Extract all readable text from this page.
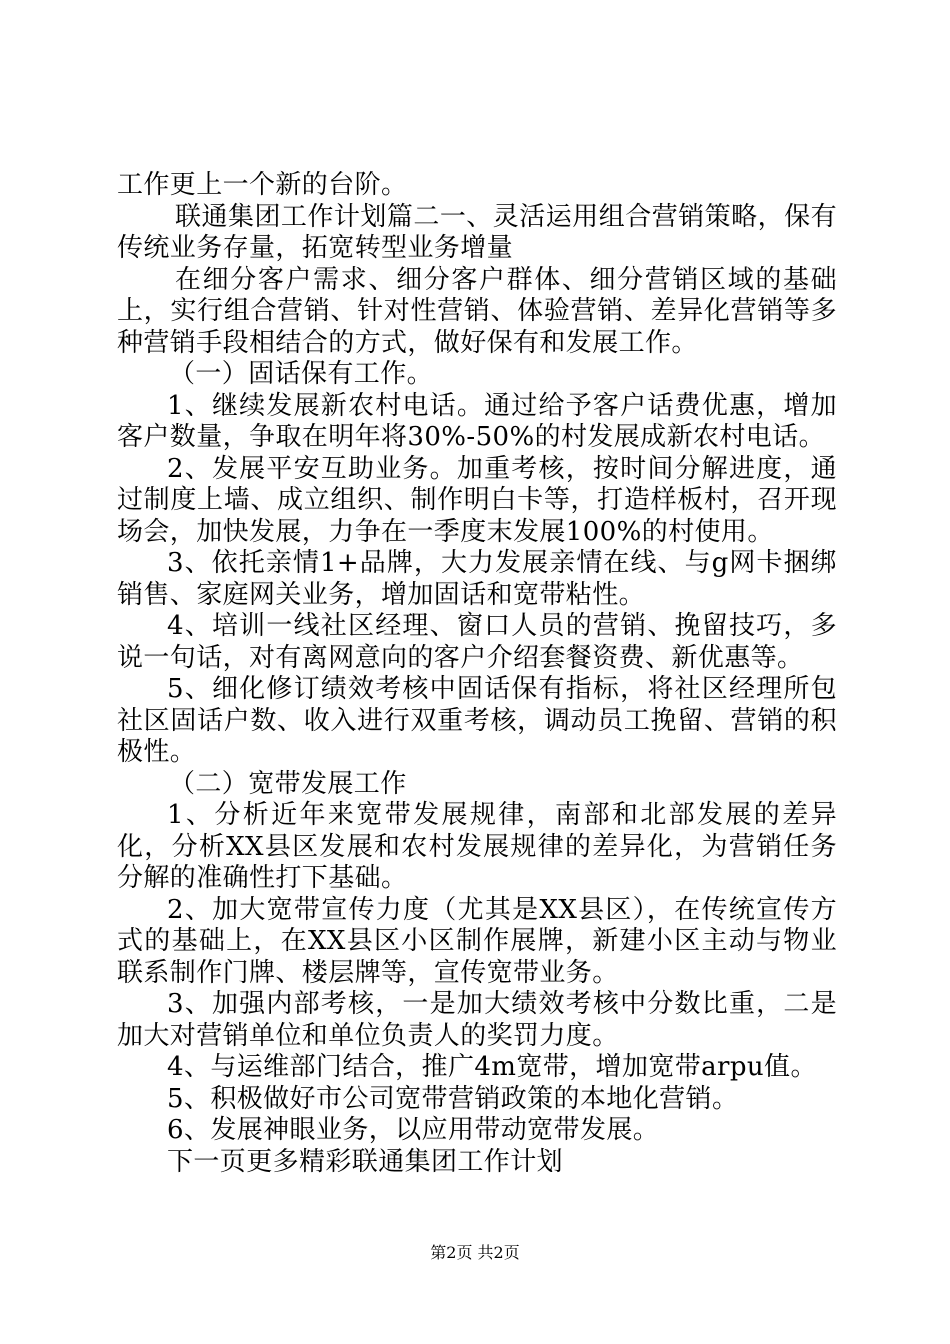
工作更上一个新的台阶。

联通集团工作计划篇二一、灵活运用组合营销策略，保有传统业务存量，拓宽转型业务增量

在细分客户需求、细分客户群体、细分营销区域的基础上，实行组合营销、针对性营销、体验营销、差异化营销等多种营销手段相结合的方式，做好保有和发展工作。

（一）固话保有工作。

1、继续发展新农村电话。通过给予客户话费优惠，增加客户数量，争取在明年将30%-50%的村发展成新农村电话。

2、发展平安互助业务。加重考核，按时间分解进度，通过制度上墙、成立组织、制作明白卡等，打造样板村，召开现场会，加快发展，力争在一季度末发展100%的村使用。

3、依托亲情1+品牌，大力发展亲情在线、与g网卡捆绑销售、家庭网关业务，增加固话和宽带粘性。

4、培训一线社区经理、窗口人员的营销、挽留技巧，多说一句话，对有离网意向的客户介绍套餐资费、新优惠等。

5、细化修订绩效考核中固话保有指标，将社区经理所包社区固话户数、收入进行双重考核，调动员工挽留、营销的积极性。

（二）宽带发展工作

1、分析近年来宽带发展规律，南部和北部发展的差异化，分析XX县区发展和农村发展规律的差异化，为营销任务分解的准确性打下基础。

2、加大宽带宣传力度（尤其是XX县区），在传统宣传方式的基础上，在XX县区小区制作展牌，新建小区主动与物业联系制作门牌、楼层牌等，宣传宽带业务。

3、加强内部考核，一是加大绩效考核中分数比重，二是加大对营销单位和单位负责人的奖罚力度。

4、与运维部门结合，推广4m宽带，增加宽带arpu值。

5、积极做好市公司宽带营销政策的本地化营销。

6、发展神眼业务，以应用带动宽带发展。

下一页更多精彩联通集团工作计划

第2页 共2页
